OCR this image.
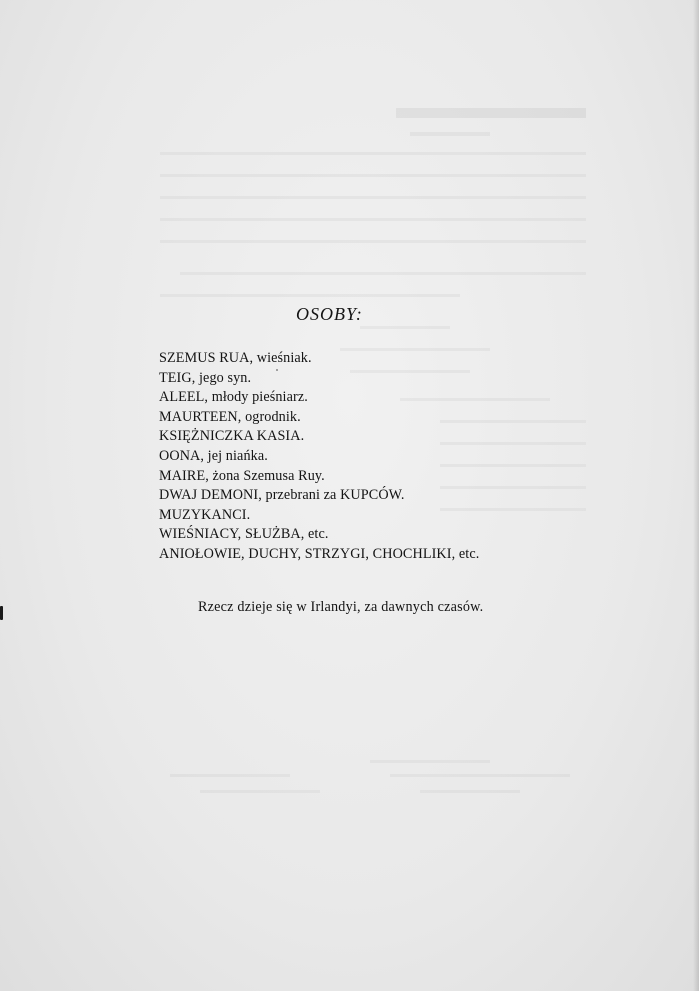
OSOBY:
SZEMUS RUA, wieśniak.
TEIG, jego syn.
ALEEL, młody pieśniarz.
MAURTEEN, ogrodnik.
KSIĘŻNICZKA KASIA.
OONA, jej niańka.
MAIRE, żona Szemusa Ruy.
DWAJ DEMONI, przebrani za KUPCÓW.
MUZYKANCI.
WIEŚNIACY, SŁUŻBA, etc.
ANIOŁOWIE, DUCHY, STRZYGI, CHOCHLIKI, etc.
Rzecz dzieje się w Irlandyi, za dawnych czasów.
